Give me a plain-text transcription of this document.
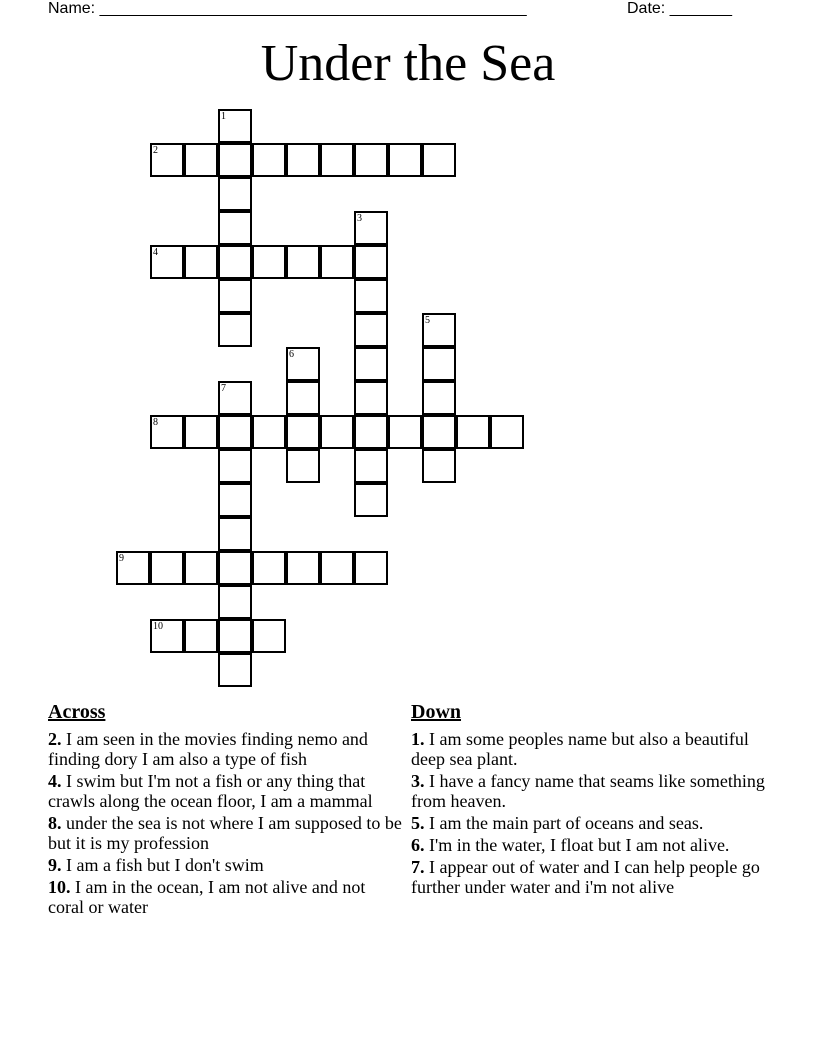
Name: ________________________________________________	Date: _______
Under the Sea
1
2
3
4
5
6
7
8
9
10
Across
2. I am seen in the movies finding nemo and finding dory I am also a type of fish
4. I swim but I'm not a fish or any thing that crawls along the ocean floor, I am a mammal
8. under the sea is not where I am supposed to be but it is my profession
9. I am a fish but I don't swim
10. I am in the ocean, I am not alive and not coral or water
Down
1. I am some peoples name but also a beautiful deep sea plant.
3. I have a fancy name that seams like something from heaven.
5. I am the main part of oceans and seas.
6. I'm in the water, I float but I am not alive.
7. I appear out of water and I can help people go further under water and i'm not alive
